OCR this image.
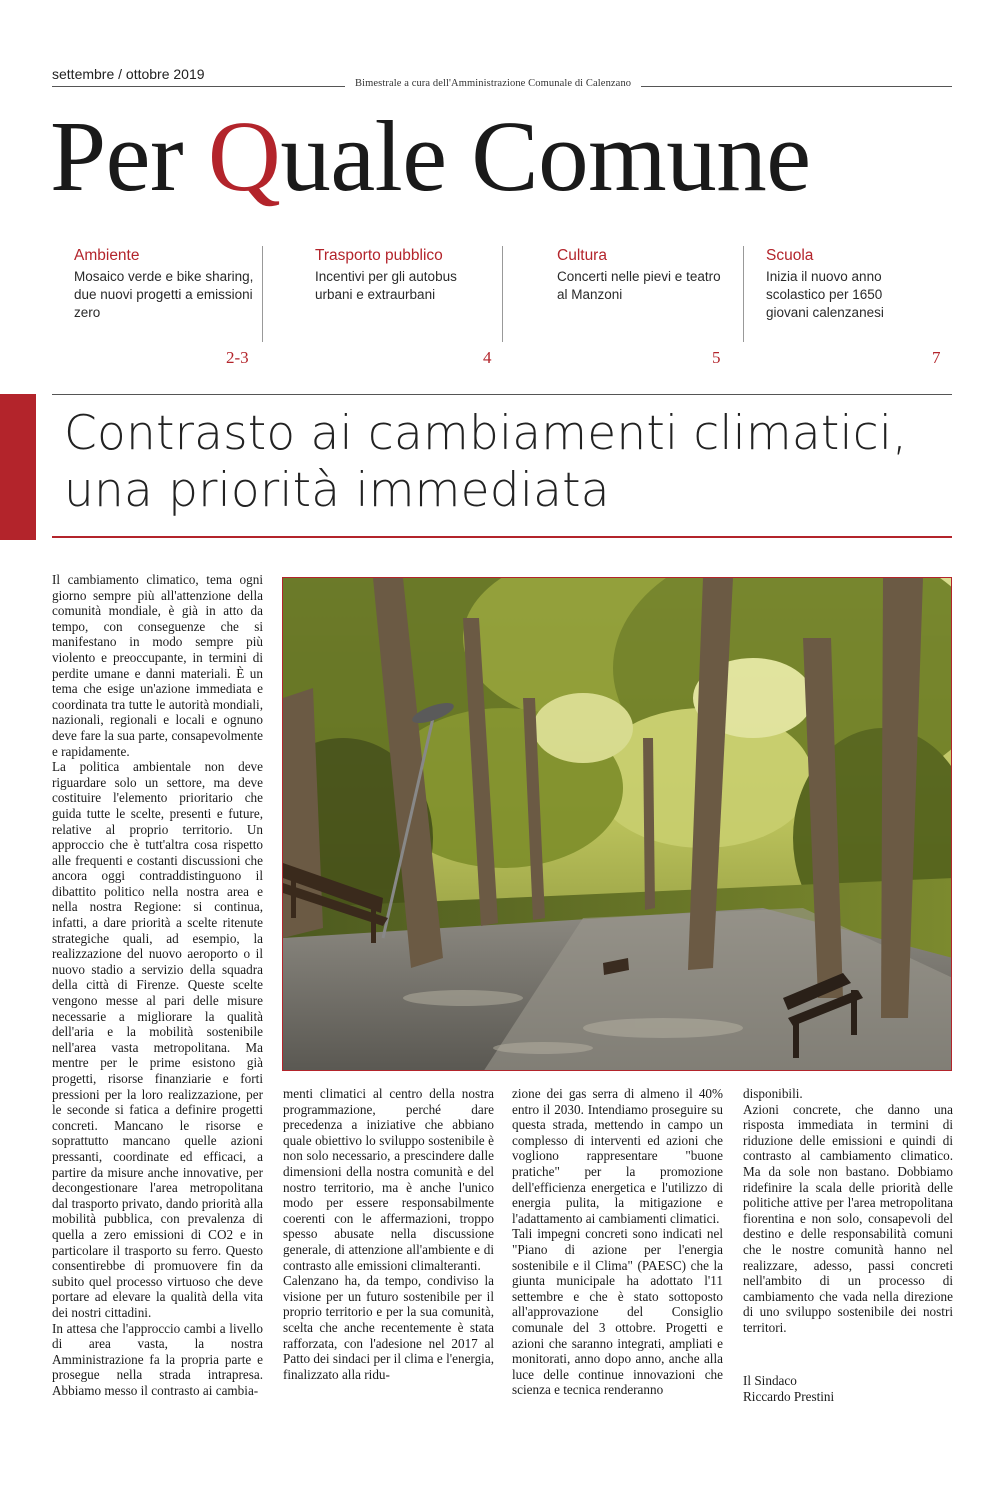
settembre / ottobre 2019
Bimestrale a cura dell'Amministrazione Comunale di Calenzano
Per Quale Comune
Ambiente
Mosaico verde e bike sharing, due nuovi progetti a emissioni zero
2-3
Trasporto pubblico
Incentivi per gli autobus urbani e extraurbani
4
Cultura
Concerti nelle pievi e teatro al Manzoni
5
Scuola
Inizia il nuovo anno scolastico per 1650 giovani calenzanesi
7
Contrasto ai cambiamenti climatici, una priorità immediata

Il cambiamento climatico, tema ogni giorno sempre più all'attenzione della comunità mondiale, è già in atto da tempo, con conseguenze che si manifestano in modo sempre più violento e preoccupante, in termini di perdite umane e danni materiali. È un tema che esige un'azione immediata e coordinata tra tutte le autorità mondiali, nazionali, regionali e locali e ognuno deve fare la sua parte, consapevolmente e rapidamente.

La politica ambientale non deve riguardare solo un settore, ma deve costituire l'elemento prioritario che guida tutte le scelte, presenti e future, relative al proprio territorio. Un approccio che è tutt'altra cosa rispetto alle frequenti e costanti discussioni che ancora oggi contraddistinguono il dibattito politico nella nostra area e nella nostra Regione: si continua, infatti, a dare priorità a scelte ritenute strategiche quali, ad esempio, la realizzazione del nuovo aeroporto o il nuovo stadio a servizio della squadra della città di Firenze. Queste scelte vengono messe al pari delle misure necessarie a migliorare la qualità dell'aria e la mobilità sostenibile nell'area vasta metropolitana. Ma mentre per le prime esistono già progetti, risorse finanziarie e forti pressioni per la loro realizzazione, per le seconde si fatica a definire progetti concreti. Mancano le risorse e soprattutto mancano quelle azioni pressanti, coordinate ed efficaci, a partire da misure anche innovative, per decongestionare l'area metropolitana dal trasporto privato, dando priorità alla mobilità pubblica, con prevalenza di quella a zero emissioni di CO2 e in particolare il trasporto su ferro. Questo consentirebbe di promuovere fin da subito quel processo virtuoso che deve portare ad elevare la qualità della vita dei nostri cittadini.

In attesa che l'approccio cambi a livello di area vasta, la nostra Amministrazione fa la propria parte e prosegue nella strada intrapresa. Abbiamo messo il contrasto ai cambia-

menti climatici al centro della nostra programmazione, perché dare precedenza a iniziative che abbiano quale obiettivo lo sviluppo sostenibile è non solo necessario, a prescindere dalle dimensioni della nostra comunità e del nostro territorio, ma è anche l'unico modo per essere responsabilmente coerenti con le affermazioni, troppo spesso abusate nella discussione generale, di attenzione all'ambiente e di contrasto alle emissioni climalteranti.

Calenzano ha, da tempo, condiviso la visione per un futuro sostenibile per il proprio territorio e per la sua comunità, scelta che anche recentemente è stata rafforzata, con l'adesione nel 2017 al Patto dei sindaci per il clima e l'energia, finalizzato alla ridu-

zione dei gas serra di almeno il 40% entro il 2030. Intendiamo proseguire su questa strada, mettendo in campo un complesso di interventi ed azioni che vogliono rappresentare "buone pratiche" per la promozione dell'efficienza energetica e l'utilizzo di energia pulita, la mitigazione e l'adattamento ai cambiamenti climatici.

Tali impegni concreti sono indicati nel "Piano di azione per l'energia sostenibile e il Clima" (PAESC) che la giunta municipale ha adottato l'11 settembre e che è stato sottoposto all'approvazione del Consiglio comunale del 3 ottobre. Progetti e azioni che saranno integrati, ampliati e monitorati, anno dopo anno, anche alla luce delle continue innovazioni che scienza e tecnica renderanno

disponibili.

Azioni concrete, che danno una risposta immediata in termini di riduzione delle emissioni e quindi di contrasto al cambiamento climatico. Ma da sole non bastano. Dobbiamo ridefinire la scala delle priorità delle politiche attive per l'area metropolitana fiorentina e non solo, consapevoli del destino e delle responsabilità comuni che le nostre comunità hanno nel realizzare, adesso, passi concreti nell'ambito di un processo di cambiamento che vada nella direzione di uno sviluppo sostenibile dei nostri territori.

Il Sindaco
Riccardo Prestini
